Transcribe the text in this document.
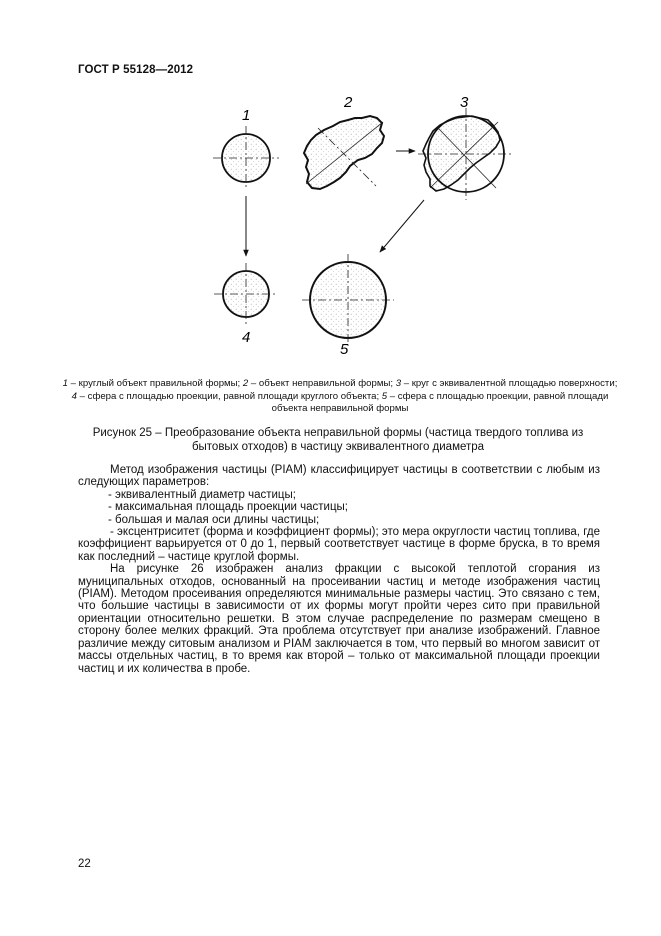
ГОСТ Р 55128—2012
1
2	3
4
5
1 – круглый объект правильной формы; 2 – объект неправильной формы; 3 – круг с эквивалентной площадью поверхности; 4 – сфера с площадью проекции, равной площади круглого объекта; 5 – сфера с площадью проекции, равной площади объекта неправильной формы
Рисунок 25 – Преобразование объекта неправильной формы (частица твердого топлива из бытовых отходов) в частицу эквивалентного диаметра

Метод изображения частицы (PIAM) классифицирует частицы в соответствии с любым из следующих параметров:

- эквивалентный диаметр частицы;

- максимальная площадь проекции частицы;

- большая и малая оси длины частицы;

- эксцентриситет (форма и коэффициент формы); это мера округлости частиц топлива, где коэффициент варьируется от 0 до 1, первый соответствует частице в форме бруска, в то время как последний – частице круглой формы.

На рисунке 26 изображен анализ фракции с высокой теплотой сгорания из муниципальных отходов, основанный на просеивании частиц и методе изображения частиц (PIAM). Методом просеивания определяются минимальные размеры частиц. Это связано с тем, что большие частицы в зависимости от их формы могут пройти через сито при правильной ориентации относительно решетки. В этом случае распределение по размерам смещено в сторону более мелких фракций. Эта проблема отсутствует при анализе изображений. Главное различие между ситовым анализом и PIAM заключается в том, что первый во многом зависит от массы отдельных частиц, в то время как второй – только от максимальной площади проекции частиц и их количества в пробе.

22
